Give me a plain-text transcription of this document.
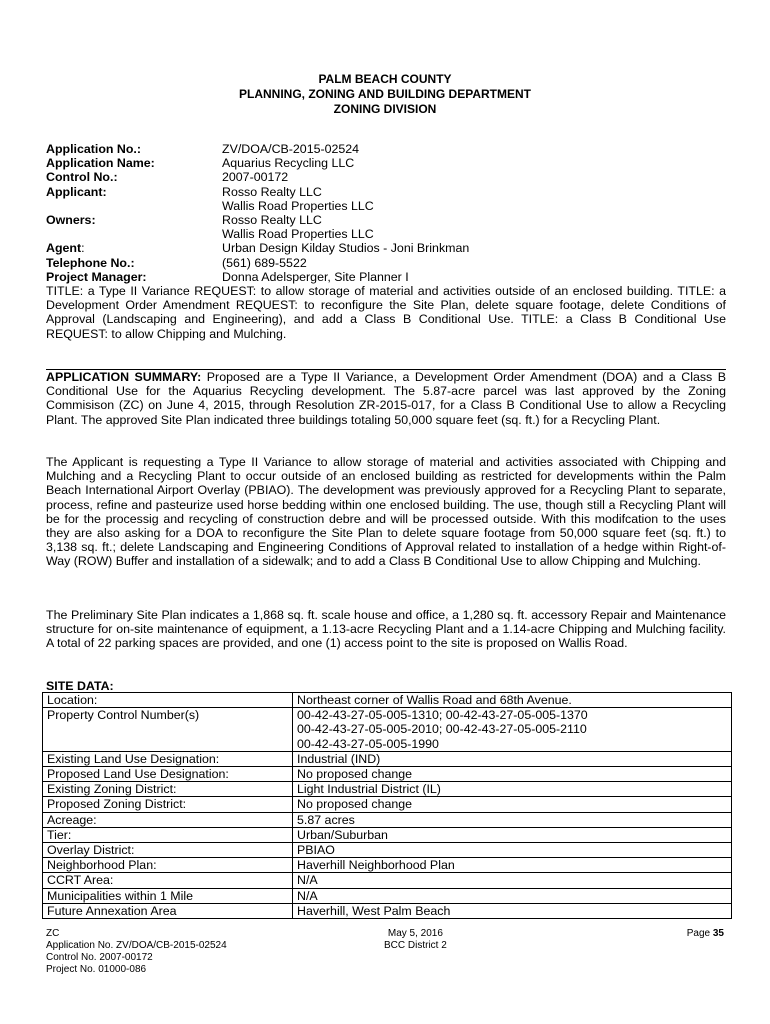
PALM BEACH COUNTY
PLANNING, ZONING AND BUILDING DEPARTMENT
ZONING DIVISION
Application No.:	ZV/DOA/CB-2015-02524
Application Name:	Aquarius Recycling LLC
Control No.:	2007-00172
Applicant:	Rosso Realty LLC
Wallis Road Properties LLC
Owners:	Rosso Realty LLC
Wallis Road Properties LLC
Agent:	Urban Design Kilday Studios - Joni Brinkman
Telephone No.:	(561) 689-5522
Project Manager:	Donna Adelsperger, Site Planner I
TITLE: a Type II Variance REQUEST: to allow storage of material and activities outside of an enclosed building. TITLE: a Development Order Amendment REQUEST: to reconfigure the Site Plan, delete square footage, delete Conditions of Approval (Landscaping and Engineering), and add a Class B Conditional Use. TITLE: a Class B Conditional Use REQUEST: to allow Chipping and Mulching.

APPLICATION SUMMARY: Proposed are a Type II Variance, a Development Order Amendment (DOA) and a Class B Conditional Use for the Aquarius Recycling development. The 5.87-acre parcel was last approved by the Zoning Commisison (ZC) on June 4, 2015, through Resolution ZR-2015-017, for a Class B Conditional Use to allow a Recycling Plant. The approved Site Plan indicated three buildings totaling 50,000 square feet (sq. ft.) for a Recycling Plant.

The Applicant is requesting a Type II Variance to allow storage of material and activities associated with Chipping and Mulching and a Recycling Plant to occur outside of an enclosed building as restricted for developments within the Palm Beach International Airport Overlay (PBIAO). The development was previously approved for a Recycling Plant to separate, process, refine and pasteurize used horse bedding within one enclosed building. The use, though still a Recycling Plant will be for the processig and recycling of construction debre and will be processed outside. With this modifcation to the uses they are also asking for a DOA to reconfigure the Site Plan to delete square footage from 50,000 square feet (sq. ft.) to 3,138 sq. ft.; delete Landscaping and Engineering Conditions of Approval related to installation of a hedge within Right-of-Way (ROW) Buffer and installation of a sidewalk; and to add a Class B Conditional Use to allow Chipping and Mulching.

The Preliminary Site Plan indicates a 1,868 sq. ft. scale house and office, a 1,280 sq. ft. accessory Repair and Maintenance structure for on-site maintenance of equipment, a 1.13-acre Recycling Plant and a 1.14-acre Chipping and Mulching facility. A total of 22 parking spaces are provided, and one (1) access point to the site is proposed on Wallis Road.

SITE DATA:
Location:	Northeast corner of Wallis Road and 68th Avenue.
Property Control Number(s)	00-42-43-27-05-005-1310; 00-42-43-27-05-005-1370
00-42-43-27-05-005-2010; 00-42-43-27-05-005-2110
00-42-43-27-05-005-1990
Existing Land Use Designation:	Industrial (IND)
Proposed Land Use Designation:	No proposed change
Existing Zoning District:	Light Industrial District (IL)
Proposed Zoning District:	No proposed change
Acreage:	5.87 acres
Tier:	Urban/Suburban
Overlay District:	PBIAO
Neighborhood Plan:	Haverhill Neighborhood Plan
CCRT Area:	N/A
Municipalities within 1 Mile	N/A
Future Annexation Area	Haverhill, West Palm Beach
ZC
Application No. ZV/DOA/CB-2015-02524
Control No. 2007-00172
Project No. 01000-086
May 5, 2016
BCC District 2
Page 35
